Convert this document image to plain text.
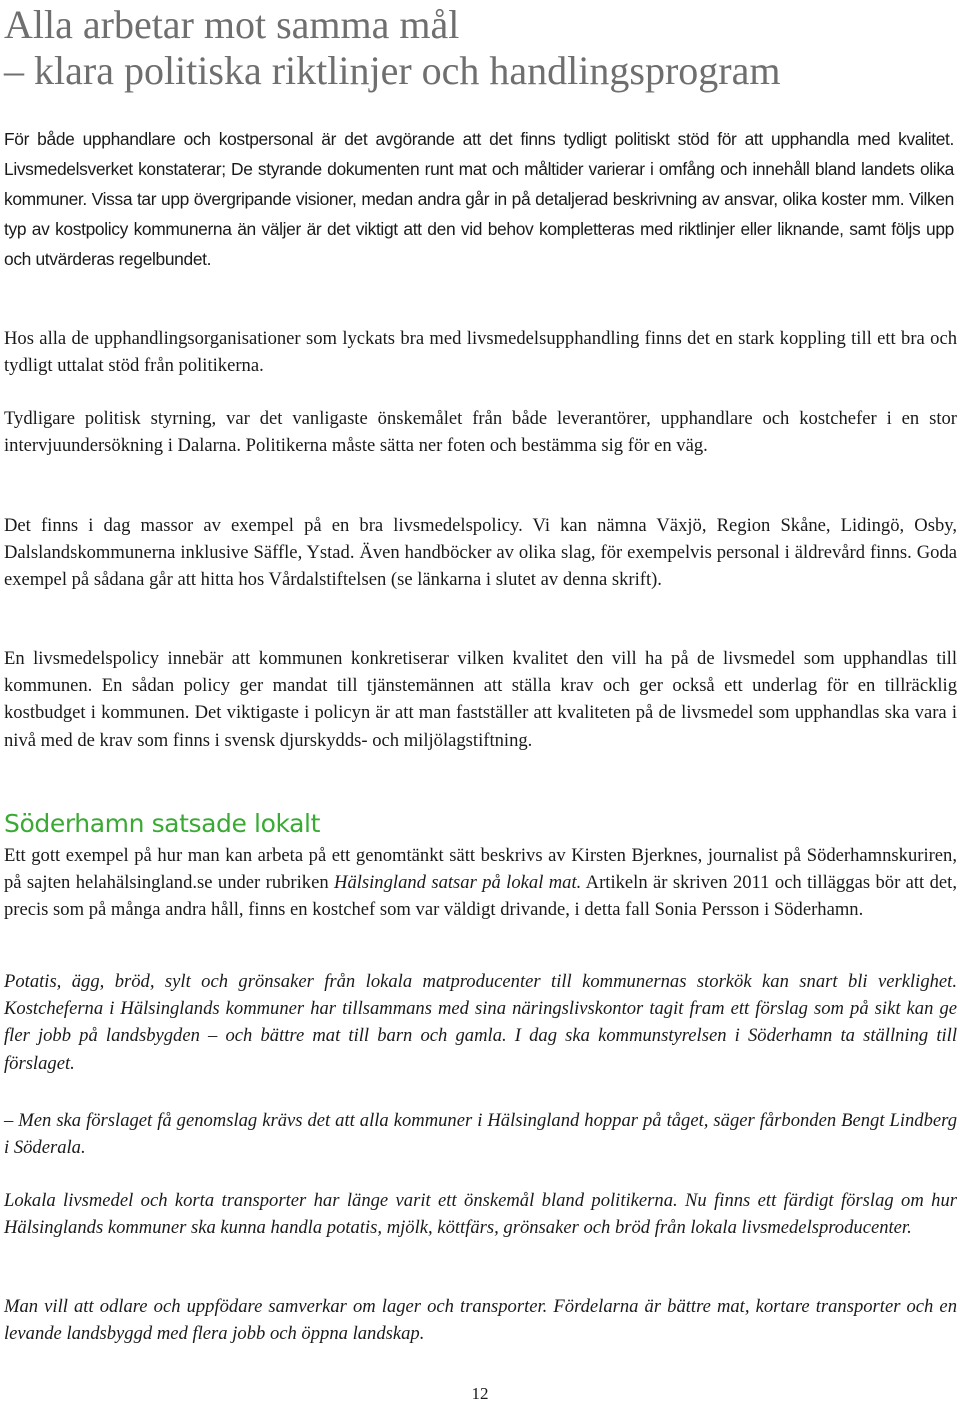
Alla arbetar mot samma mål
– klara politiska riktlinjer och handlingsprogram

För både upphandlare och kostpersonal är det avgörande att det finns tydligt politiskt stöd för att upphandla med kvalitet. Livsmedelsverket konstaterar; De styrande dokumenten runt mat och måltider varierar i omfång och innehåll bland landets olika kommuner. Vissa tar upp övergripande visioner, medan andra går in på detaljerad beskrivning av ansvar, olika koster mm. Vilken typ av kostpolicy kommunerna än väljer är det viktigt att den vid behov kompletteras med riktlinjer eller liknande, samt följs upp och utvärderas regelbundet.

Hos alla de upphandlingsorganisationer som lyckats bra med livsmedelsupphandling finns det en stark koppling till ett bra och tydligt uttalat stöd från politikerna.

Tydligare politisk styrning, var det vanligaste önskemålet från både leverantörer, upphandlare och kostchefer i en stor intervjuundersökning i Dalarna. Politikerna måste sätta ner foten och bestämma sig för en väg.

Det finns i dag massor av exempel på en bra livsmedelspolicy. Vi kan nämna Växjö, Region Skåne, Lidingö, Osby, Dalslandskommunerna inklusive Säffle, Ystad. Även handböcker av olika slag, för exempelvis personal i äldrevård finns. Goda exempel på sådana går att hitta hos Vårdalstiftelsen (se länkarna i slutet av denna skrift).

En livsmedelspolicy innebär att kommunen konkretiserar vilken kvalitet den vill ha på de livsmedel som upphandlas till kommunen. En sådan policy ger mandat till tjänstemännen att ställa krav och ger också ett underlag för en tillräcklig kostbudget i kommunen. Det viktigaste i policyn är att man fastställer att kvaliteten på de livsmedel som upphandlas ska vara i nivå med de krav som finns i svensk djurskydds- och miljölagstiftning.

Söderhamn satsade lokalt

Ett gott exempel på hur man kan arbeta på ett genomtänkt sätt beskrivs av Kirsten Bjerknes, journalist på Söderhamnskuriren, på sajten helahälsingland.se under rubriken Hälsingland satsar på lokal mat. Artikeln är skriven 2011 och tilläggas bör att det, precis som på många andra håll, finns en kostchef som var väldigt drivande, i detta fall Sonia Persson i Söderhamn.

Potatis, ägg, bröd, sylt och grönsaker från lokala matproducenter till kommunernas storkök kan snart bli verklighet. Kostcheferna i Hälsinglands kommuner har tillsammans med sina näringslivskontor tagit fram ett förslag som på sikt kan ge fler jobb på landsbygden – och bättre mat till barn och gamla. I dag ska kommunstyrelsen i Söderhamn ta ställning till förslaget.

– Men ska förslaget få genomslag krävs det att alla kommuner i Hälsingland hoppar på tåget, säger fårbonden Bengt Lindberg i Söderala.

Lokala livsmedel och korta transporter har länge varit ett önskemål bland politikerna. Nu finns ett färdigt förslag om hur Hälsinglands kommuner ska kunna handla potatis, mjölk, köttfärs, grönsaker och bröd från lokala livsmedelsproducenter.

Man vill att odlare och uppfödare samverkar om lager och transporter. Fördelarna är bättre mat, kortare transporter och en levande landsbyggd med flera jobb och öppna landskap.

12
